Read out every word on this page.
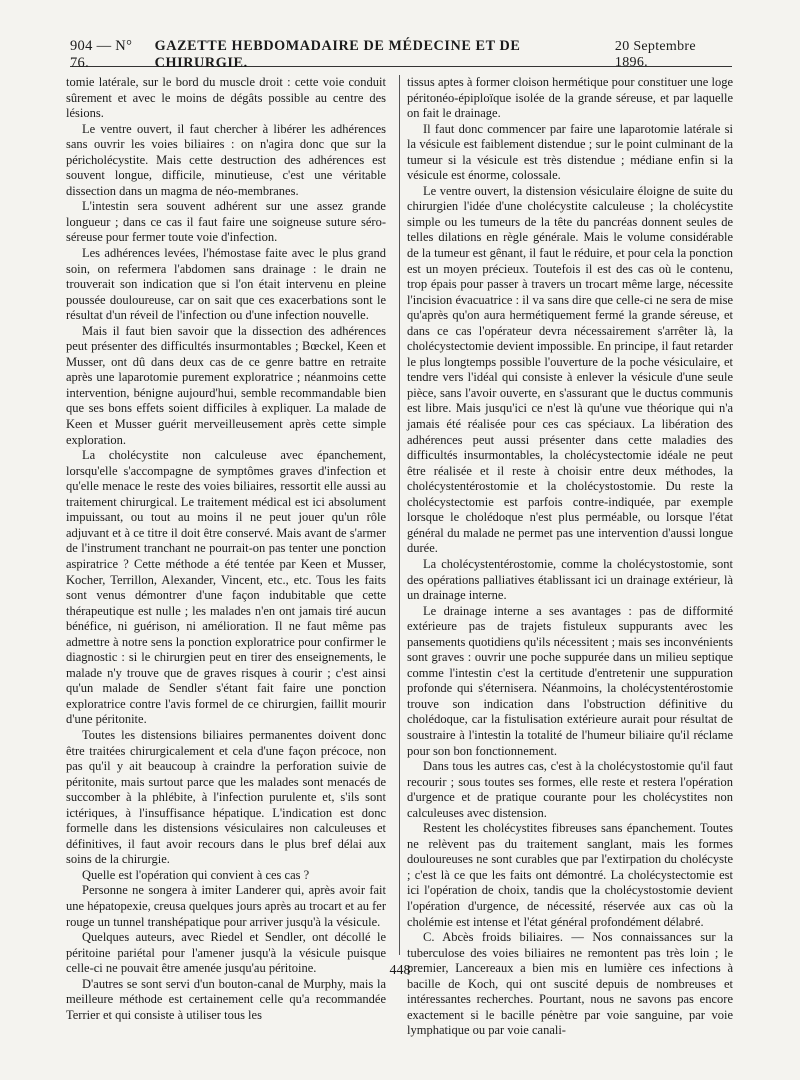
904 — N° 76.
GAZETTE HEBDOMADAIRE DE MÉDECINE ET DE CHIRURGIE.
20 Septembre 1896.

tomie latérale, sur le bord du muscle droit : cette voie conduit sûrement et avec le moins de dégâts possible au centre des lésions.

Le ventre ouvert, il faut chercher à libérer les adhérences sans ouvrir les voies biliaires : on n'agira donc que sur la péricholécystite. Mais cette destruction des adhérences est souvent longue, difficile, minutieuse, c'est une véritable dissection dans un magma de néo-membranes.

L'intestin sera souvent adhérent sur une assez grande longueur ; dans ce cas il faut faire une soigneuse suture séro-séreuse pour fermer toute voie d'infection.

Les adhérences levées, l'hémostase faite avec le plus grand soin, on refermera l'abdomen sans drainage : le drain ne trouverait son indication que si l'on était intervenu en pleine poussée douloureuse, car on sait que ces exacerbations sont le résultat d'un réveil de l'infection ou d'une infection nouvelle.

Mais il faut bien savoir que la dissection des adhérences peut présenter des difficultés insurmontables ; Bœckel, Keen et Musser, ont dû dans deux cas de ce genre battre en retraite après une laparotomie purement exploratrice ; néanmoins cette intervention, bénigne aujourd'hui, semble recommandable bien que ses bons effets soient difficiles à expliquer. La malade de Keen et Musser guérit merveilleusement après cette simple exploration.

La cholécystite non calculeuse avec épanchement, lorsqu'elle s'accompagne de symptômes graves d'infection et qu'elle menace le reste des voies biliaires, ressortit elle aussi au traitement chirurgical. Le traitement médical est ici absolument impuissant, ou tout au moins il ne peut jouer qu'un rôle adjuvant et à ce titre il doit être conservé. Mais avant de s'armer de l'instrument tranchant ne pourrait-on pas tenter une ponction aspiratrice ? Cette méthode a été tentée par Keen et Musser, Kocher, Terrillon, Alexander, Vincent, etc., etc. Tous les faits sont venus démontrer d'une façon indubitable que cette thérapeutique est nulle ; les malades n'en ont jamais tiré aucun bénéfice, ni guérison, ni amélioration. Il ne faut même pas admettre à notre sens la ponction exploratrice pour confirmer le diagnostic : si le chirurgien peut en tirer des enseignements, le malade n'y trouve que de graves risques à courir ; c'est ainsi qu'un malade de Sendler s'étant fait faire une ponction exploratrice contre l'avis formel de ce chirurgien, faillit mourir d'une péritonite.

Toutes les distensions biliaires permanentes doivent donc être traitées chirurgicalement et cela d'une façon précoce, non pas qu'il y ait beaucoup à craindre la perforation suivie de péritonite, mais surtout parce que les malades sont menacés de succomber à la phlébite, à l'infection purulente et, s'ils sont ictériques, à l'insuffisance hépatique. L'indication est donc formelle dans les distensions vésiculaires non calculeuses et définitives, il faut avoir recours dans le plus bref délai aux soins de la chirurgie.

Quelle est l'opération qui convient à ces cas ?

Personne ne songera à imiter Landerer qui, après avoir fait une hépatopexie, creusa quelques jours après au trocart et au fer rouge un tunnel transhépatique pour arriver jusqu'à la vésicule.

Quelques auteurs, avec Riedel et Sendler, ont décollé le péritoine pariétal pour l'amener jusqu'à la vésicule puisque celle-ci ne pouvait être amenée jusqu'au péritoine.

D'autres se sont servi d'un bouton-canal de Murphy, mais la meilleure méthode est certainement celle qu'a recommandée Terrier et qui consiste à utiliser tous les

tissus aptes à former cloison hermétique pour constituer une loge péritonéo-épiploïque isolée de la grande séreuse, et par laquelle on fait le drainage.

Il faut donc commencer par faire une laparotomie latérale si la vésicule est faiblement distendue ; sur le point culminant de la tumeur si la vésicule est très distendue ; médiane enfin si la vésicule est énorme, colossale.

Le ventre ouvert, la distension vésiculaire éloigne de suite du chirurgien l'idée d'une cholécystite calculeuse ; la cholécystite simple ou les tumeurs de la tête du pancréas donnent seules de telles dilations en règle générale. Mais le volume considérable de la tumeur est gênant, il faut le réduire, et pour cela la ponction est un moyen précieux. Toutefois il est des cas où le contenu, trop épais pour passer à travers un trocart même large, nécessite l'incision évacuatrice : il va sans dire que celle-ci ne sera de mise qu'après qu'on aura hermétiquement fermé la grande séreuse, et dans ce cas l'opérateur devra nécessairement s'arrêter là, la cholécystectomie devient impossible. En principe, il faut retarder le plus longtemps possible l'ouverture de la poche vésiculaire, et tendre vers l'idéal qui consiste à enlever la vésicule d'une seule pièce, sans l'avoir ouverte, en s'assurant que le ductus communis est libre. Mais jusqu'ici ce n'est là qu'une vue théorique qui n'a jamais été réalisée pour ces cas spéciaux. La libération des adhérences peut aussi présenter dans cette maladies des difficultés insurmontables, la cholécystectomie idéale ne peut être réalisée et il reste à choisir entre deux méthodes, la cholécystentérostomie et la cholécystostomie. Du reste la cholécystectomie est parfois contre-indiquée, par exemple lorsque le cholédoque n'est plus perméable, ou lorsque l'état général du malade ne permet pas une intervention d'aussi longue durée.

La cholécystentérostomie, comme la cholécystostomie, sont des opérations palliatives établissant ici un drainage extérieur, là un drainage interne.

Le drainage interne a ses avantages : pas de difformité extérieure pas de trajets fistuleux suppurants avec les pansements quotidiens qu'ils nécessitent ; mais ses inconvénients sont graves : ouvrir une poche suppurée dans un milieu septique comme l'intestin c'est la certitude d'entretenir une suppuration profonde qui s'éternisera. Néanmoins, la cholécystentérostomie trouve son indication dans l'obstruction définitive du cholédoque, car la fistulisation extérieure aurait pour résultat de soustraire à l'intestin la totalité de l'humeur biliaire qu'il réclame pour son bon fonctionnement.

Dans tous les autres cas, c'est à la cholécystostomie qu'il faut recourir ; sous toutes ses formes, elle reste et restera l'opération d'urgence et de pratique courante pour les cholécystites non calculeuses avec distension.

Restent les cholécystites fibreuses sans épanchement. Toutes ne relèvent pas du traitement sanglant, mais les formes douloureuses ne sont curables que par l'extirpation du cholécyste ; c'est là ce que les faits ont démontré. La cholécystectomie est ici l'opération de choix, tandis que la cholécystostomie devient l'opération d'urgence, de nécessité, réservée aux cas où la cholémie est intense et l'état général profondément délabré.

C. Abcès froids biliaires. — Nos connaissances sur la tuberculose des voies biliaires ne remontent pas très loin ; le premier, Lancereaux a bien mis en lumière ces infections à bacille de Koch, qui ont suscité depuis de nombreuses et intéressantes recherches. Pourtant, nous ne savons pas encore exactement si le bacille pénètre par voie sanguine, par voie lymphatique ou par voie canali-

448
